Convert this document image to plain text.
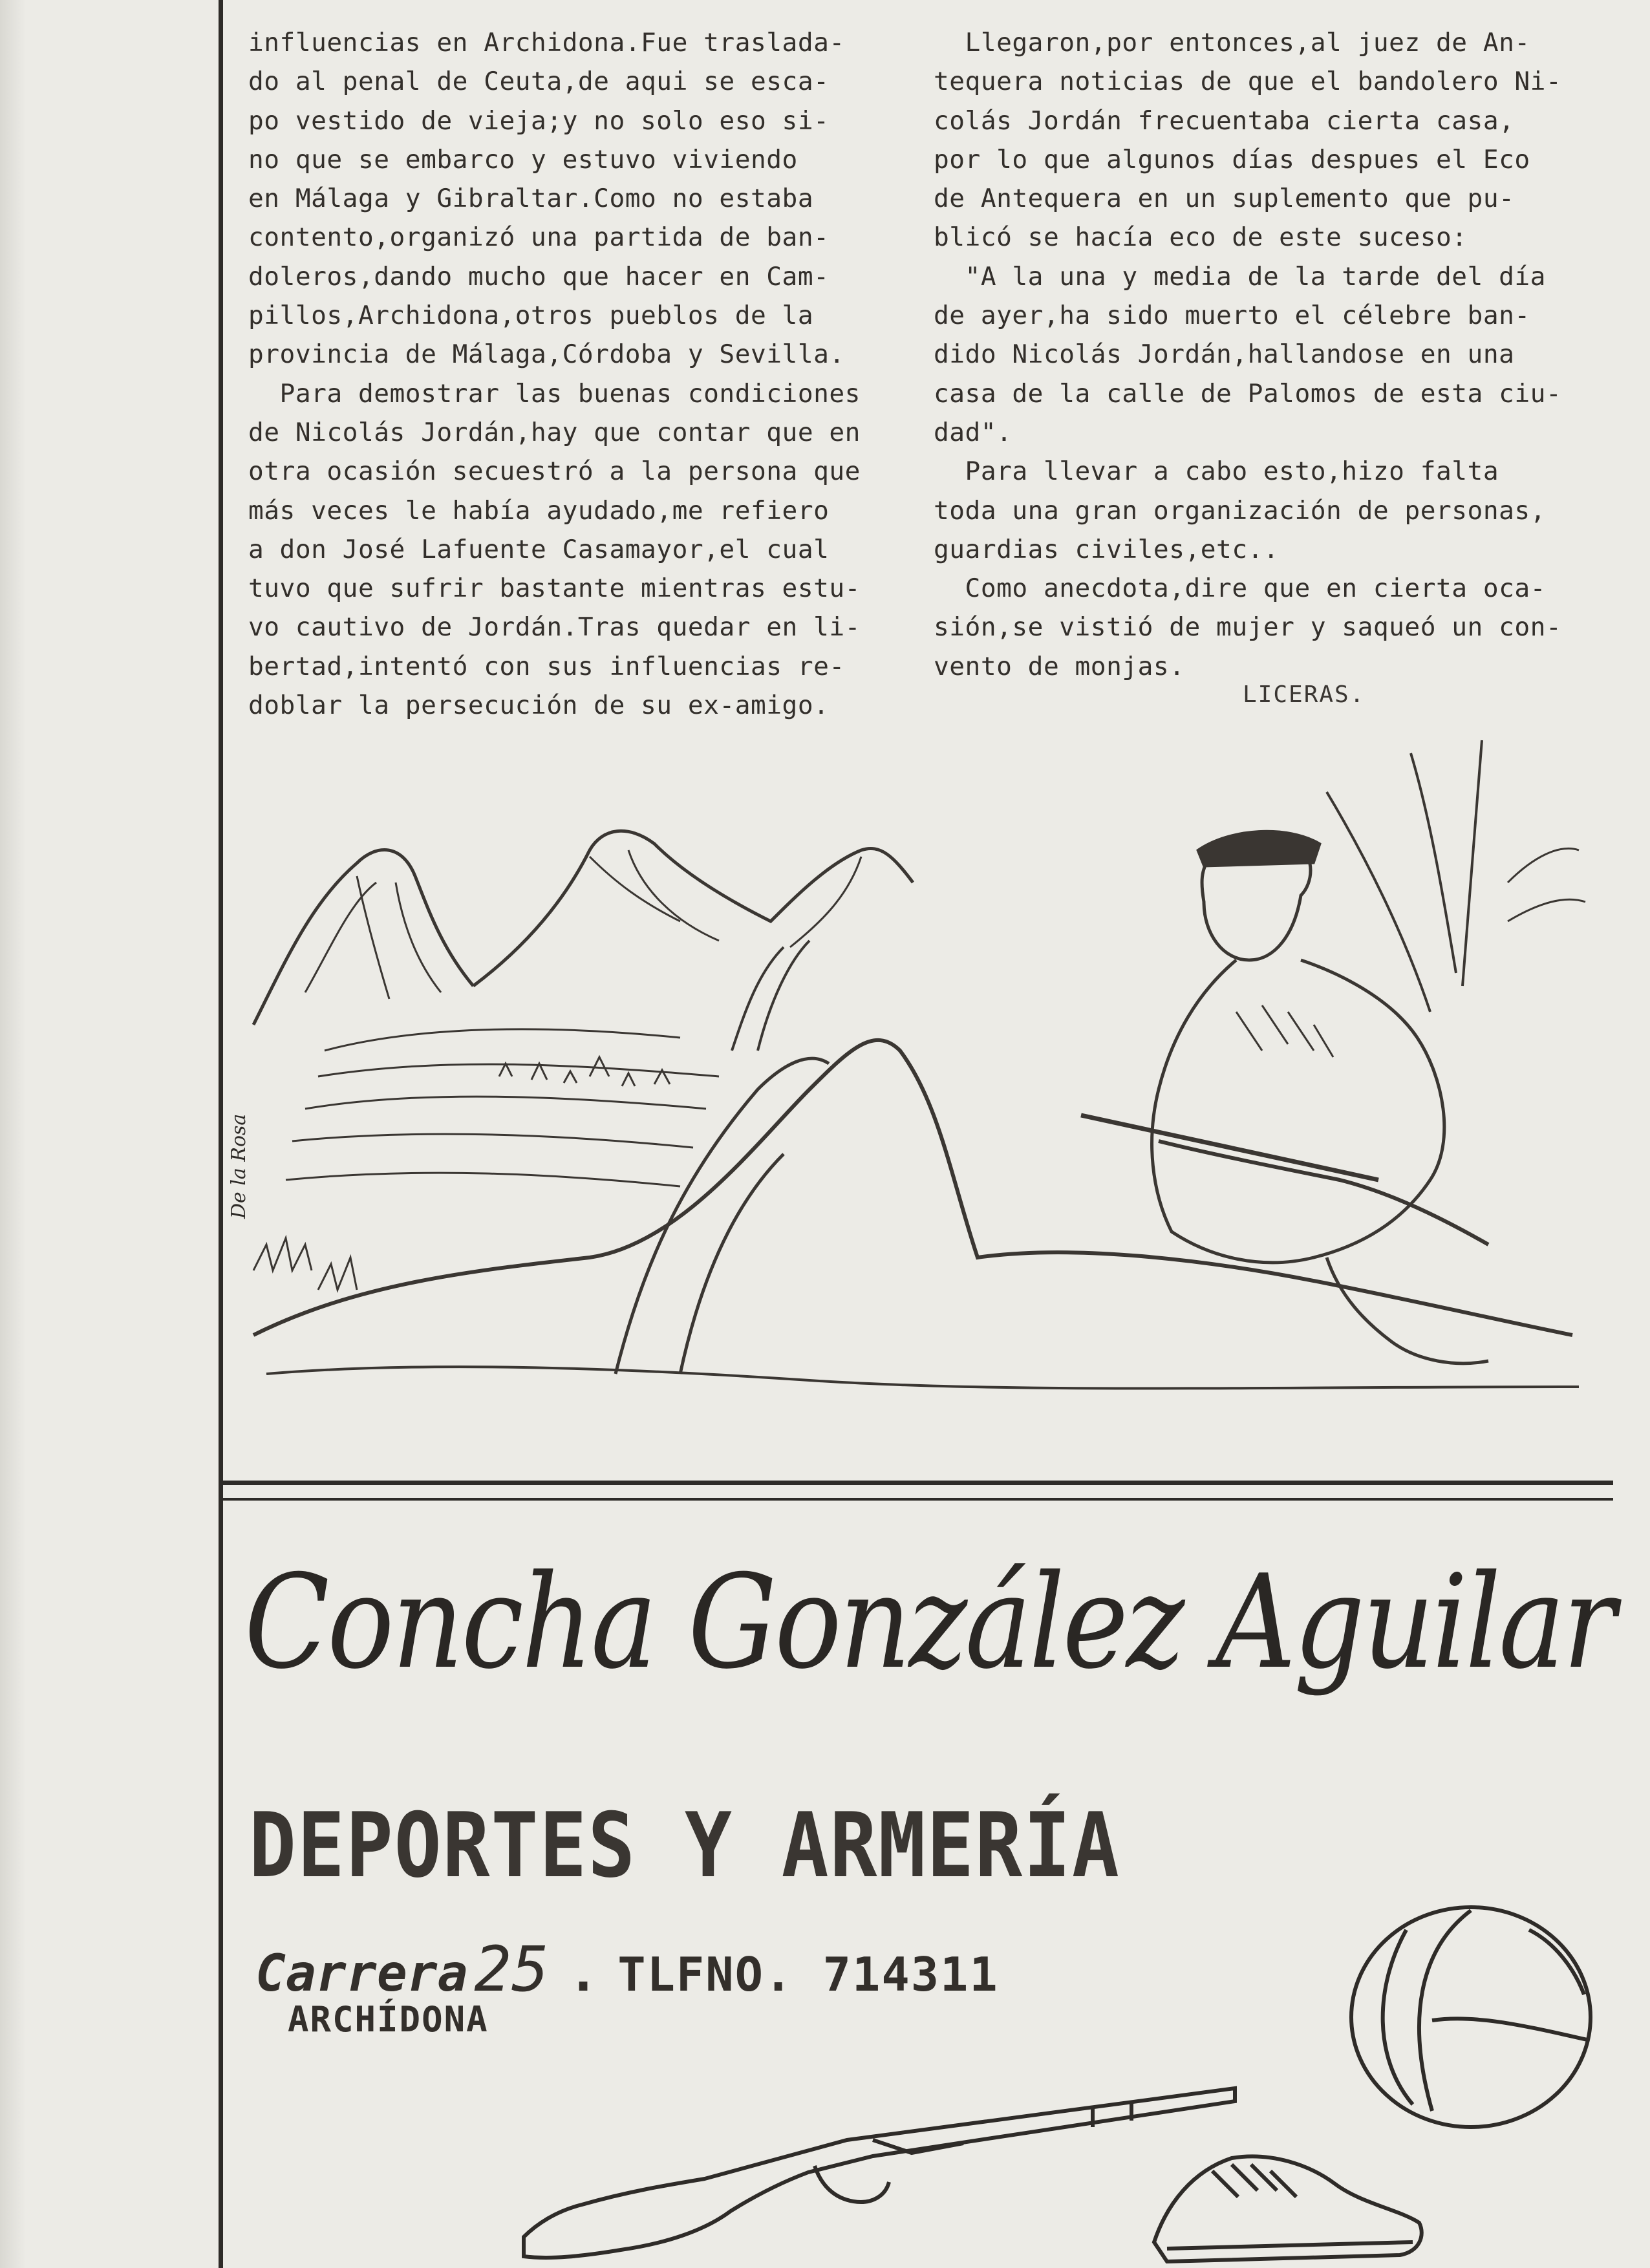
influencias en Archidona.Fue traslada-
do al penal de Ceuta,de aqui se esca-
po vestido de vieja;y no solo eso si-
no que se embarco y estuvo viviendo
en Málaga y Gibraltar.Como no estaba
contento,organizó una partida de ban-
doleros,dando mucho que hacer en Cam-
pillos,Archidona,otros pueblos de la
provincia de Málaga,Córdoba y Sevilla.
Para demostrar las buenas condiciones
de Nicolás Jordán,hay que contar que en
otra ocasión secuestró a la persona que
más veces le había ayudado,me refiero
a don José Lafuente Casamayor,el cual
tuvo que sufrir bastante mientras estu-
vo cautivo de Jordán.Tras quedar en li-
bertad,intentó con sus influencias re-
doblar la persecución de su ex-amigo.
Llegaron,por entonces,al juez de An-
tequera noticias de que el bandolero Ni-
colás Jordán frecuentaba cierta casa,
por lo que algunos días despues el Eco
de Antequera en un suplemento que pu-
blicó se hacía eco de este suceso:
"A la una y media de la tarde del día
de ayer,ha sido muerto el célebre ban-
dido Nicolás Jordán,hallandose en una
casa de la calle de Palomos de esta ciu-
dad".
Para llevar a cabo esto,hizo falta
toda una gran organización de personas,
guardias civiles,etc..
Como anecdota,dire que en cierta oca-
sión,se vistió de mujer y saqueó un con-
vento de monjas.
LICERAS.
De la Rosa
Concha González Aguilar
DEPORTES Y ARMERÍA
Carrera 25 . TLFNO. 714311
ARCHÍDONA
